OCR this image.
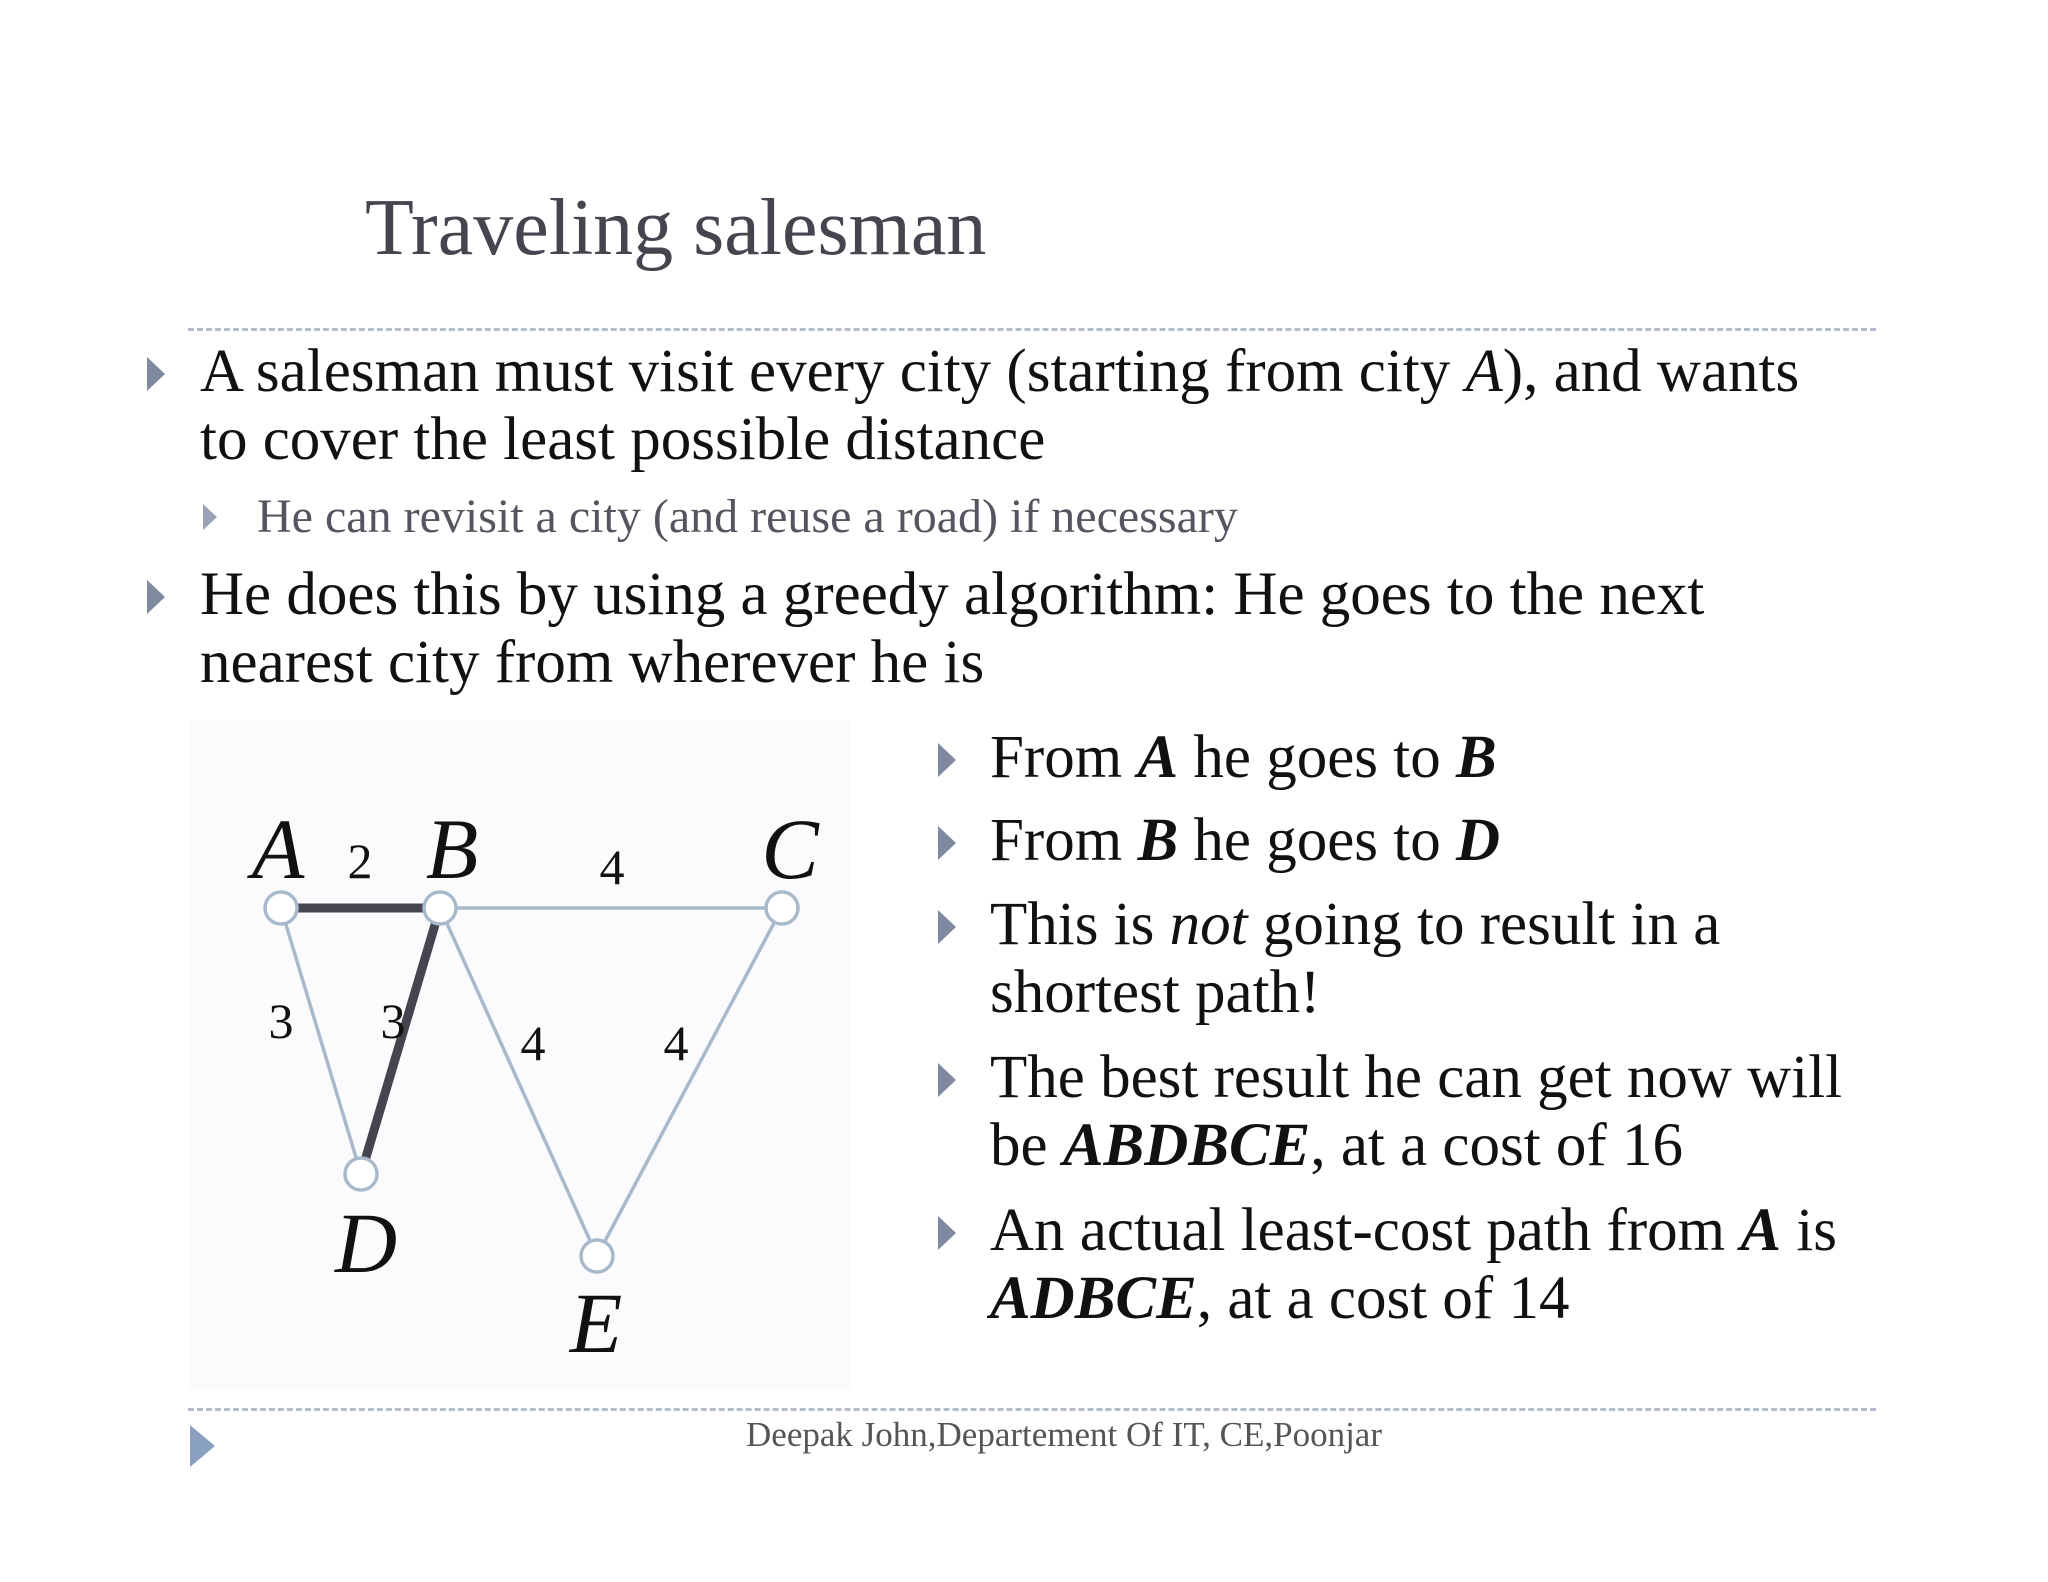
Traveling salesman
A salesman must visit every city (starting from city A), and wants
to cover the least possible distance
He can revisit a city (and reuse a road) if necessary
He does this by using a greedy algorithm: He goes to the next
nearest city from wherever he is
2	4
3 3 4 4
A B	C
D
E
From A he goes to B
From B he goes to D
This is not going to result in a
shortest path!
The best result he can get now will
be ABDBCE, at a cost of 16
An actual least-cost path from A is
ADBCE, at a cost of 14
Deepak John,Departement Of IT, CE,Poonjar
